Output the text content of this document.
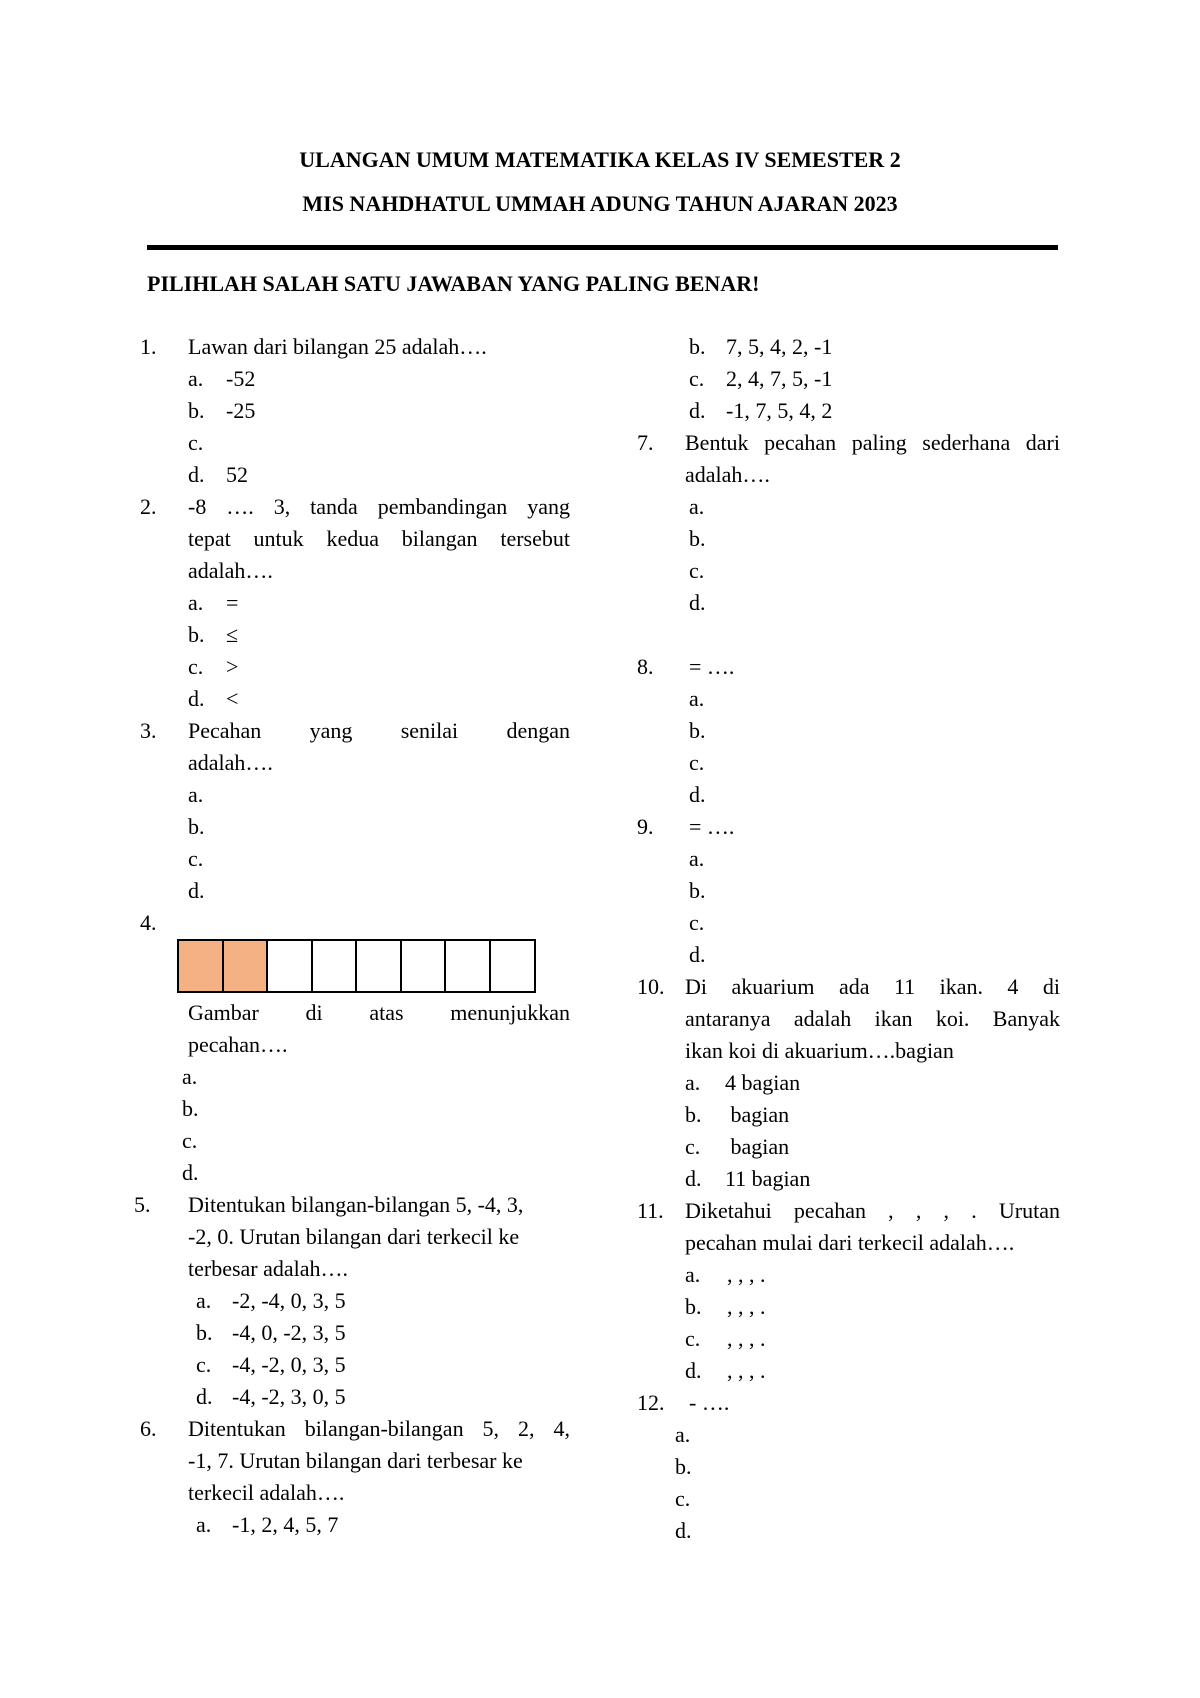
ULANGAN UMUM MATEMATIKA KELAS IV SEMESTER 2
MIS NAHDHATUL UMMAH ADUNG TAHUN AJARAN 2023
PILIHLAH SALAH SATU JAWABAN YANG PALING BENAR!
1. Lawan dari bilangan 25 adalah….
a. -52
b. -25
c.
d. 52
2. -8 …. 3, tanda pembandingan yang
tepat untuk kedua bilangan tersebut
adalah….
a. =
b. ≤
c. >
d. <
3. Pecahan yang senilai dengan
adalah….
a.
b.
c.
d.
4.
Gambar di atas menunjukkan
pecahan….
a.
b.
c.
d.
5. Ditentukan bilangan-bilangan 5, -4, 3,
-2, 0. Urutan bilangan dari terkecil ke
terbesar adalah….
a. -2, -4, 0, 3, 5
b. -4, 0, -2, 3, 5
c. -4, -2, 0, 3, 5
d. -4, -2, 3, 0, 5
6. Ditentukan bilangan-bilangan 5, 2, 4,
-1, 7. Urutan bilangan dari terbesar ke
terkecil adalah….
a. -1, 2, 4, 5, 7
b. 7, 5, 4, 2, -1
c. 2, 4, 7, 5, -1
d. -1, 7, 5, 4, 2
7. Bentuk pecahan paling sederhana dari
adalah….
a.
b.
c.
d.
8. = ….
a.
b.
c.
d.
9. = ….
a.
b.
c.
d.
10. Di akuarium ada 11 ikan. 4 di
antaranya adalah ikan koi. Banyak
ikan koi di akuarium….bagian
a. 4 bagian
b. bagian
c. bagian
d. 11 bagian
11. Diketahui pecahan , , , . Urutan
pecahan mulai dari terkecil adalah….
a. , , , .
b. , , , .
c. , , , .
d. , , , .
12. - ….
a.
b.
c.
d.
